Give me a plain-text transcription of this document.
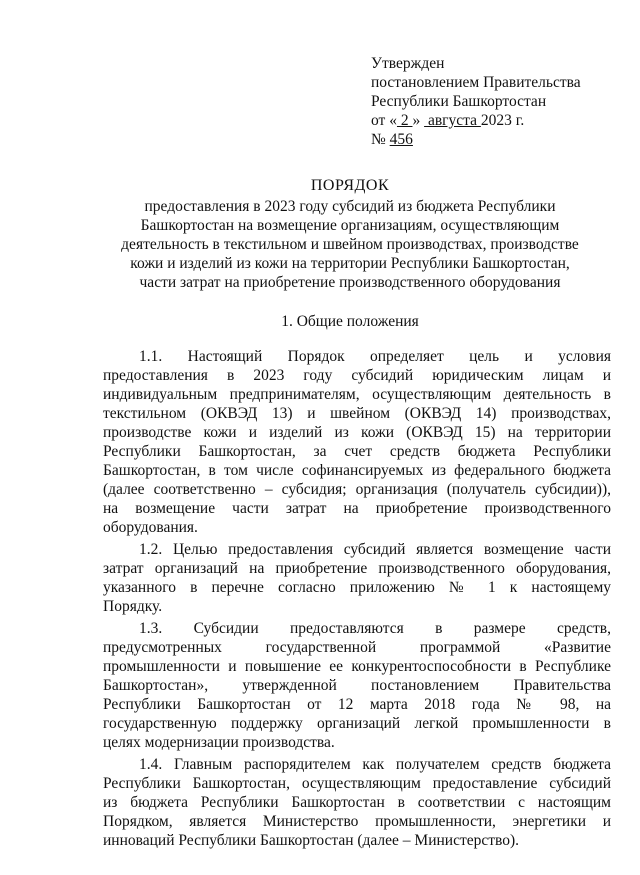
Утвержден
постановлением Правительства
Республики Башкортостан
от « 2 »  августа 2023 г.
№ 456
ПОРЯДОК
предоставления в 2023 году субсидий из бюджета Республики
Башкортостан на возмещение организациям, осуществляющим
деятельность в текстильном и швейном производствах, производстве
кожи и изделий из кожи на территории Республики Башкортостан,
части затрат на приобретение производственного оборудования
1. Общие положения
1.1. Настоящий Порядок определяет цель и условия
предоставления в 2023 году субсидий юридическим лицам и
индивидуальным предпринимателям, осуществляющим деятельность в
текстильном (ОКВЭД 13) и швейном (ОКВЭД 14) производствах,
производстве кожи и изделий из кожи (ОКВЭД 15) на территории
Республики Башкортостан, за счет средств бюджета Республики
Башкортостан, в том числе софинансируемых из федерального бюджета
(далее соответственно – субсидия; организация (получатель субсидии)),
на возмещение части затрат на приобретение производственного
оборудования.
1.2. Целью предоставления субсидий является возмещение части
затрат организаций на приобретение производственного оборудования,
указанного в перечне согласно приложению № 1 к настоящему
Порядку.
1.3. Субсидии предоставляются в размере средств,
предусмотренных государственной программой «Развитие
промышленности и повышение ее конкурентоспособности в Республике
Башкортостан», утвержденной постановлением Правительства
Республики Башкортостан от 12 марта 2018 года № 98, на
государственную поддержку организаций легкой промышленности в
целях модернизации производства.
1.4. Главным распорядителем как получателем средств бюджета
Республики Башкортостан, осуществляющим предоставление субсидий
из бюджета Республики Башкортостан в соответствии с настоящим
Порядком, является Министерство промышленности, энергетики и
инноваций Республики Башкортостан (далее – Министерство).
